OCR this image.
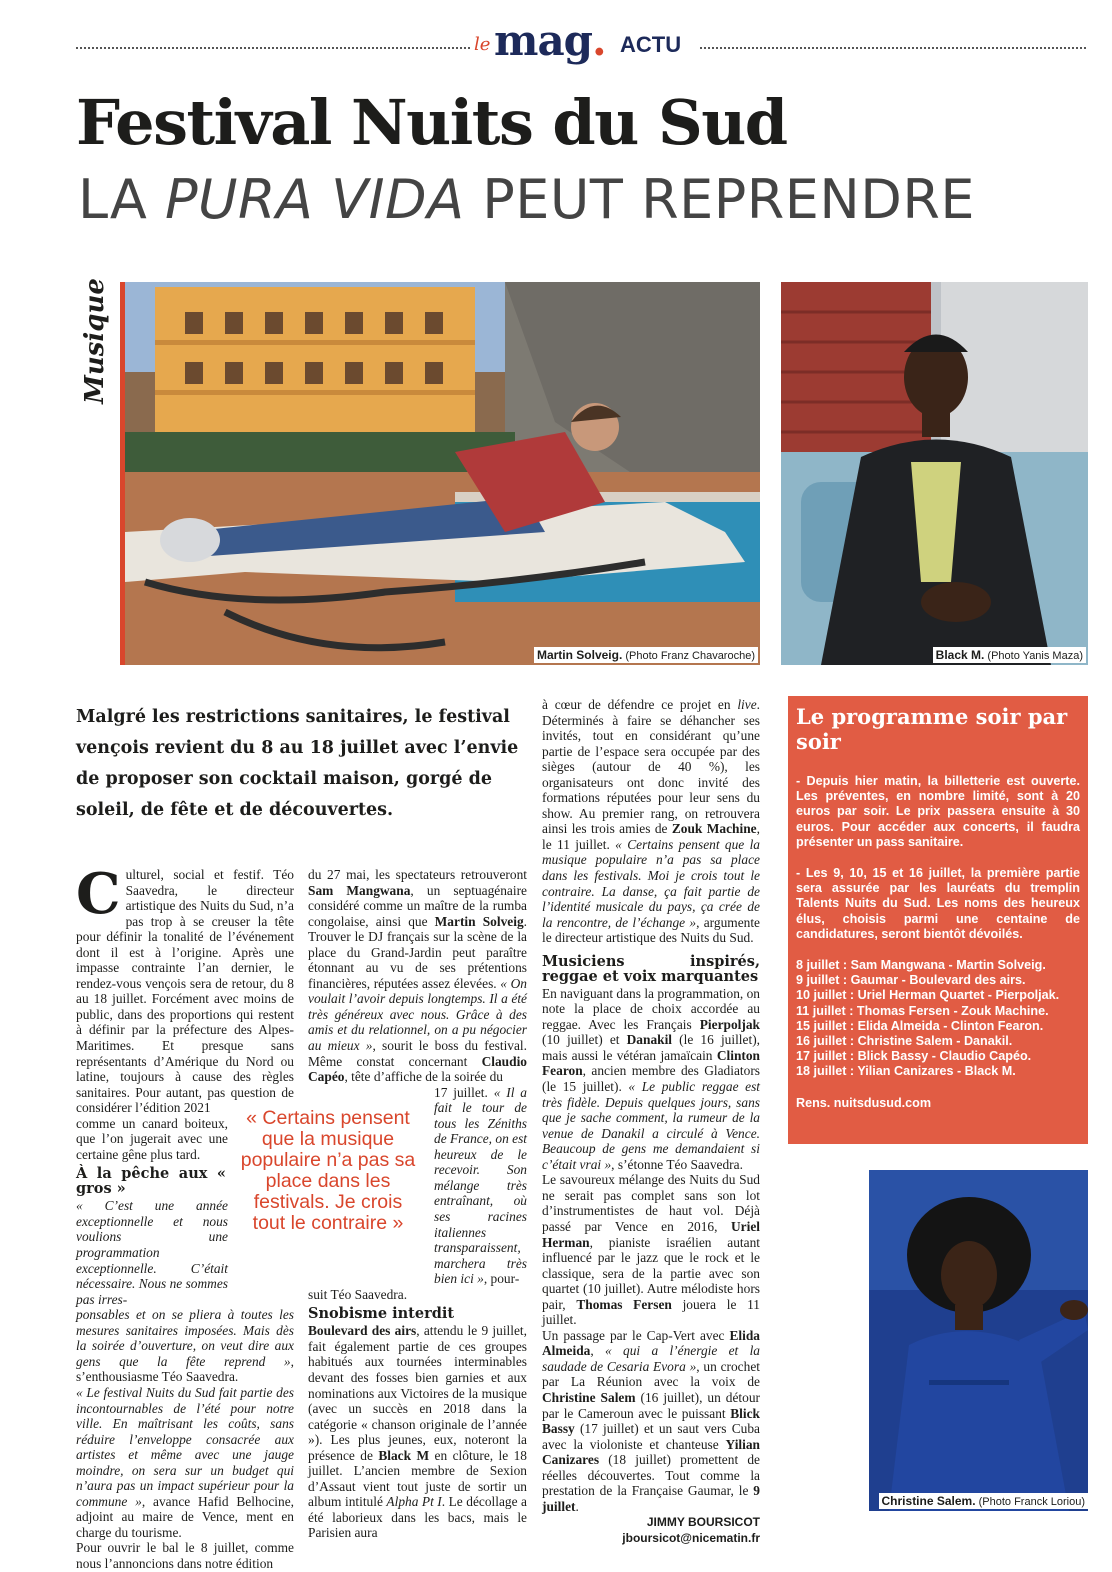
le mag. ACTU
Festival Nuits du Sud
LA PURA VIDA PEUT REPRENDRE
Musique
Martin Solveig. (Photo Franz Chavaroche)	Black M. (Photo Yanis Maza)
Malgré les restrictions sanitaires, le festival vençois revient du 8 au 18 juillet avec l’envie de proposer son cocktail maison, gorgé de soleil, de fête et de découvertes.

Culturel, social et festif. Téo Saavedra, le directeur artistique des Nuits du Sud, n’a pas trop à se creuser la tête pour définir la tonalité de l’événement dont il est à l’origine. Après une impasse contrainte l’an dernier, le rendez-vous vençois sera de retour, du 8 au 18 juillet. Forcément avec moins de public, dans des proportions qui restent à définir par la préfecture des Alpes-Maritimes. Et presque sans représentants d’Amérique du Nord ou latine, toujours à cause des règles sanitaires. Pour autant, pas question de considérer l’édition 2021

comme un canard boiteux, que l’on jugerait avec une certaine gêne plus tard.

À la pêche aux « gros »

« C’est une année exceptionnelle et nous voulions une programmation exceptionnelle. C’était nécessaire. Nous ne sommes pas irres-

ponsables et on se pliera à toutes les mesures sanitaires imposées. Mais dès la soirée d’ouverture, on veut dire aux gens que la fête reprend », s’enthousiasme Téo Saavedra.

« Le festival Nuits du Sud fait partie des incontournables de l’été pour notre ville. En maîtrisant les coûts, sans réduire l’enveloppe consacrée aux artistes et même avec une jauge moindre, on sera sur un budget qui n’aura pas un impact supérieur pour la commune », avance Hafid Belhocine, adjoint au maire de Vence, ment en charge du tourisme.

Pour ouvrir le bal le 8 juillet, comme nous l’annoncions dans notre édition

« Certains pensent que la musique populaire n’a pas sa place dans les festivals. Je crois tout le contraire »

du 27 mai, les spectateurs retrouveront Sam Mangwana, un septuagénaire considéré comme un maître de la rumba congolaise, ainsi que Martin Solveig. Trouver le DJ français sur la scène de la place du Grand-Jardin peut paraître étonnant au vu de ses prétentions financières, réputées assez élevées. « On voulait l’avoir depuis longtemps. Il a été très généreux avec nous. Grâce à des amis et du relationnel, on a pu négocier au mieux », sourit le boss du festival. Même constat concernant Claudio Capéo, tête d’affiche de la soirée du

17 juillet. « Il a fait le tour de tous les Zéniths de France, on est heureux de le recevoir. Son mélange très entraînant, où ses racines italiennes transparaissent, marchera très bien ici », pour-

suit Téo Saavedra.

Snobisme interdit

Boulevard des airs, attendu le 9 juillet, fait également partie de ces groupes habitués aux tournées interminables devant des fosses bien garnies et aux nominations aux Victoires de la musique (avec un succès en 2018 dans la catégorie « chanson originale de l’année »). Les plus jeunes, eux, noteront la présence de Black M en clôture, le 18 juillet. L’ancien membre de Sexion d’Assaut vient tout juste de sortir un album intitulé Alpha Pt I. Le décollage a été laborieux dans les bacs, mais le Parisien aura

à cœur de défendre ce projet en live. Déterminés à faire se déhancher ses invités, tout en considérant qu’une partie de l’espace sera occupée par des sièges (autour de 40 %), les organisateurs ont donc invité des formations réputées pour leur sens du show. Au premier rang, on retrouvera ainsi les trois amies de Zouk Machine, le 11 juillet. « Certains pensent que la musique populaire n’a pas sa place dans les festivals. Moi je crois tout le contraire. La danse, ça fait partie de l’identité musicale du pays, ça crée de la rencontre, de l’échange », argumente le directeur artistique des Nuits du Sud.

Musiciens inspirés, reggae et voix marquantes

En naviguant dans la programmation, on note la place de choix accordée au reggae. Avec les Français Pierpoljak (10 juillet) et Danakil (le 16 juillet), mais aussi le vétéran jamaïcain Clinton Fearon, ancien membre des Gladiators (le 15 juillet). « Le public reggae est très fidèle. Depuis quelques jours, sans que je sache comment, la rumeur de la venue de Danakil a circulé à Vence. Beaucoup de gens me demandaient si c’était vrai », s’étonne Téo Saavedra.

Le savoureux mélange des Nuits du Sud ne serait pas complet sans son lot d’instrumentistes de haut vol. Déjà passé par Vence en 2016, Uriel Herman, pianiste israélien autant influencé par le jazz que le rock et le classique, sera de la partie avec son quartet (10 juillet). Autre mélodiste hors pair, Thomas Fersen jouera le 11 juillet.

Un passage par le Cap-Vert avec Elida Almeida, « qui a l’énergie et la saudade de Cesaria Evora », un crochet par La Réunion avec la voix de Christine Salem (16 juillet), un détour par le Cameroun avec le puissant Blick Bassy (17 juillet) et un saut vers Cuba avec la violoniste et chanteuse Yilian Canizares (18 juillet) promettent de réelles découvertes. Tout comme la prestation de la Française Gaumar, le 9 juillet.

JIMMY BOURSICOT
jboursicot@nicematin.fr
Le programme soir par soir
- Depuis hier matin, la billetterie est ouverte. Les préventes, en nombre limité, sont à 20 euros par soir. Le prix passera ensuite à 30 euros. Pour accéder aux concerts, il faudra présenter un pass sanitaire.
- Les 9, 10, 15 et 16 juillet, la première partie sera assurée par les lauréats du tremplin Talents Nuits du Sud. Les noms des heureux élus, choisis parmi une centaine de candidatures, seront bientôt dévoilés.
8 juillet : Sam Mangwana - Martin Solveig.
9 juillet : Gaumar - Boulevard des airs.
10 juillet : Uriel Herman Quartet - Pierpoljak.
11 juillet : Thomas Fersen - Zouk Machine.
15 juillet : Elida Almeida - Clinton Fearon.
16 juillet : Christine Salem - Danakil.
17 juillet : Blick Bassy - Claudio Capéo.
18 juillet : Yilian Canizares - Black M.
Rens. nuitsdusud.com
Christine Salem. (Photo Franck Loriou)
